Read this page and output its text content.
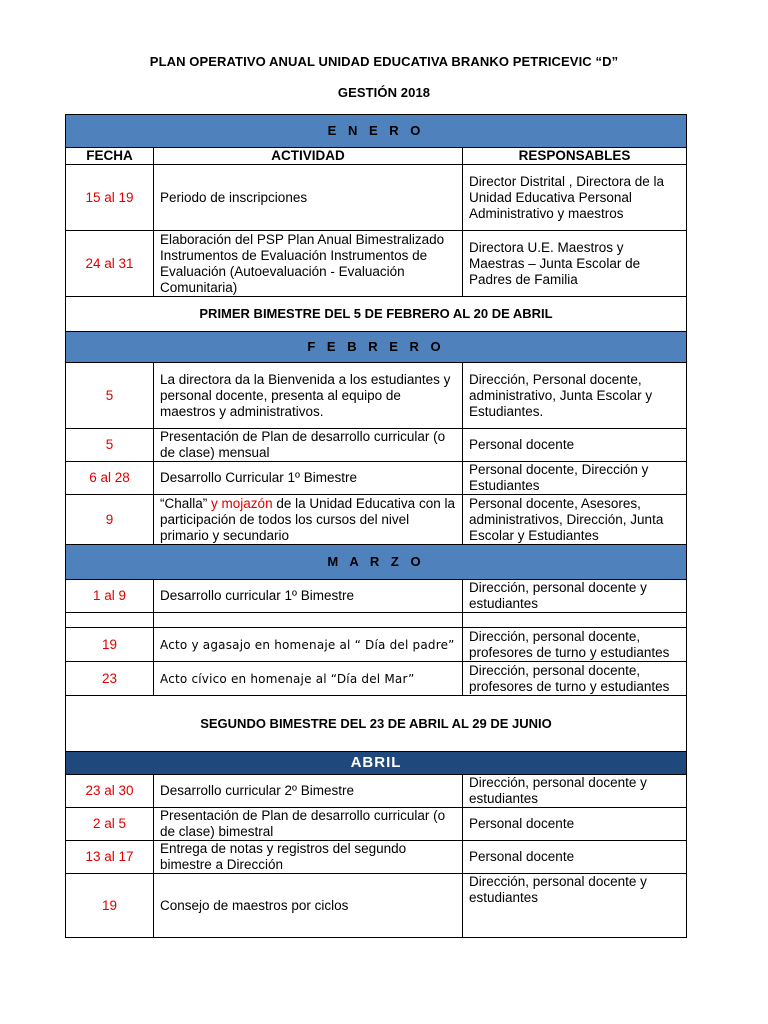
PLAN OPERATIVO ANUAL UNIDAD EDUCATIVA BRANKO PETRICEVIC “D”
GESTIÓN 2018
E N E R O		
FECHA	ACTIVIDAD	RESPONSABLES
15 al 19	Periodo de inscripciones	Director Distrital , Directora de la Unidad Educativa Personal Administrativo y maestros
24 al 31	Elaboración del PSP Plan Anual Bimestralizado Instrumentos de Evaluación Instrumentos de Evaluación (Autoevaluación - Evaluación Comunitaria)	Directora U.E. Maestros y Maestras – Junta Escolar de Padres de Familia
PRIMER BIMESTRE DEL 5 DE FEBRERO AL 20 DE ABRIL		
F E B R E R O		
5	La directora da la Bienvenida a los estudiantes y personal docente, presenta al equipo de maestros y administrativos.	Dirección, Personal docente, administrativo, Junta Escolar y Estudiantes.
5	Presentación de Plan de desarrollo curricular (o de clase) mensual	Personal docente
6 al 28	Desarrollo Curricular 1º Bimestre	Personal docente, Dirección y Estudiantes
9	“Challa” y mojazón de la Unidad Educativa con la participación de todos los cursos del nivel primario y secundario	Personal docente, Asesores, administrativos, Dirección, Junta Escolar y Estudiantes
M A R Z O		
1 al 9	Desarrollo curricular 1º Bimestre	Dirección, personal docente y estudiantes

19	Acto y agasajo en homenaje al “ Día del padre”	Dirección, personal docente, profesores de turno y estudiantes
23	Acto cívico en homenaje al “Día del Mar”	Dirección, personal docente, profesores de turno y estudiantes
SEGUNDO BIMESTRE DEL 23 DE ABRIL AL 29 DE JUNIO		
ABRIL		
23 al 30	Desarrollo curricular 2º Bimestre	Dirección, personal docente y estudiantes
2 al 5	Presentación de Plan de desarrollo curricular (o de clase) bimestral	Personal docente
13 al 17	Entrega de notas y registros del segundo bimestre a Dirección	Personal docente
19	Consejo de maestros por ciclos	Dirección, personal docente y estudiantes
